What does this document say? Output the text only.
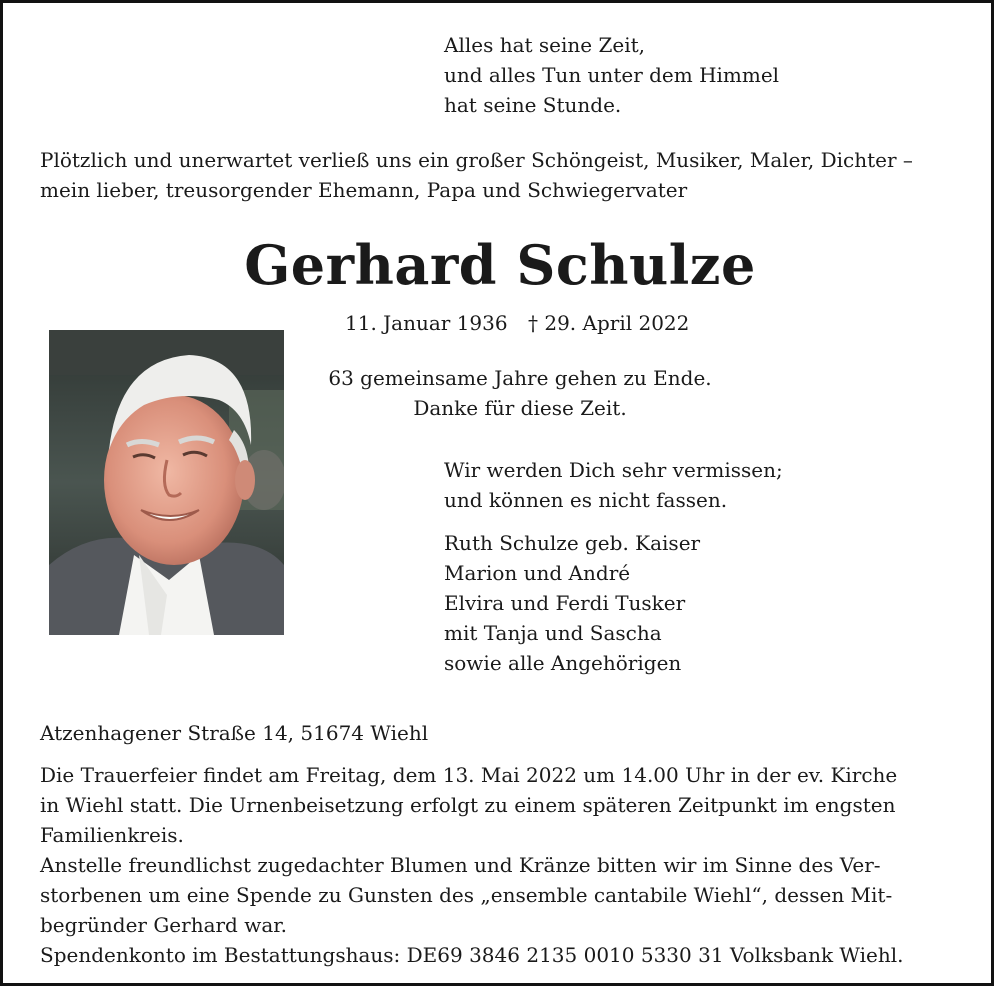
Alles hat seine Zeit,
und alles Tun unter dem Himmel
hat seine Stunde.
Plötzlich und unerwartet verließ uns ein großer Schöngeist, Musiker, Maler, Dichter –
mein lieber, treusorgender Ehemann, Papa und Schwiegervater
Gerhard Schulze
11. Januar 1936 † 29. April 2022
63 gemeinsame Jahre gehen zu Ende.
Danke für diese Zeit.
Wir werden Dich sehr vermissen;
und können es nicht fassen.
Ruth Schulze geb. Kaiser
Marion und André
Elvira und Ferdi Tusker
mit Tanja und Sascha
sowie alle Angehörigen
Atzenhagener Straße 14, 51674 Wiehl
Die Trauerfeier findet am Freitag, dem 13. Mai 2022 um 14.00 Uhr in der ev. Kirche
in Wiehl statt. Die Urnenbeisetzung erfolgt zu einem späteren Zeitpunkt im engsten
Familienkreis.
Anstelle freundlichst zugedachter Blumen und Kränze bitten wir im Sinne des Ver-
storbenen um eine Spende zu Gunsten des „ensemble cantabile Wiehl“, dessen Mit-
begründer Gerhard war.
Spendenkonto im Bestattungshaus: DE69 3846 2135 0010 5330 31 Volksbank Wiehl.
